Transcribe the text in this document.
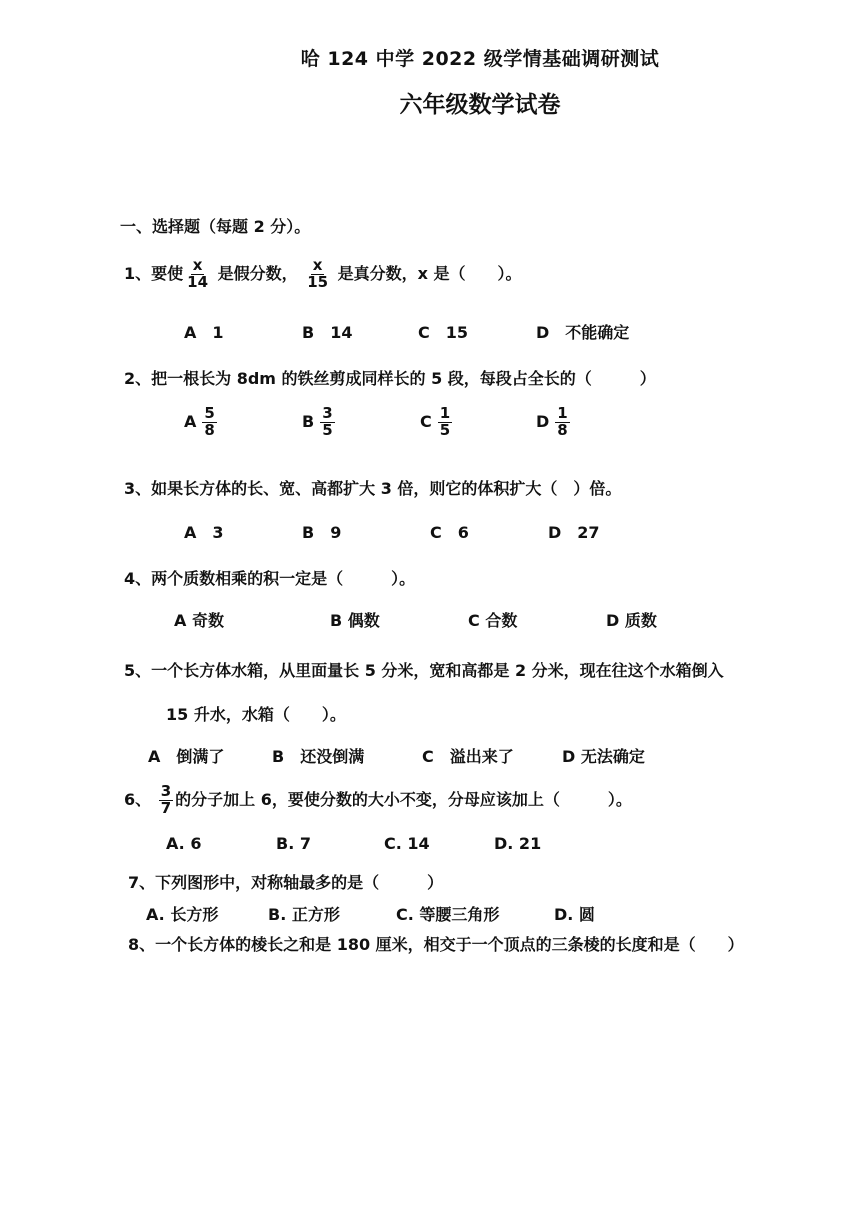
哈 124 中学 2022 级学情基础调研测试
六年级数学试卷
一、选择题（每题 2 分）。
1、要使 $\frac{x}{14}$ 是假分数， $\frac{x}{15}$ 是真分数，x 是（　　）。
A　1	B　14	C　15	D　不能确定
2、把一根长为 8dm 的铁丝剪成同样长的 5 段，每段占全长的（　　　）
A $\frac{5}{8}$	B $\frac{3}{5}$	C $\frac{1}{5}$	D $\frac{1}{8}$
3、如果长方体的长、宽、高都扩大 3 倍，则它的体积扩大（　）倍。
A　3	B　9	C　6	D　27
4、两个质数相乘的积一定是（　　　）。
A 奇数	B 偶数	C 合数	D 质数
5、一个长方体水箱，从里面量长 5 分米，宽和高都是 2 分米，现在往这个水箱倒入
15 升水，水箱（　　）。
A　倒满了	B　还没倒满	C　溢出来了	D 无法确定
6、 $\frac{3}{7}$ 的分子加上 6，要使分数的大小不变，分母应该加上（　　　）。
A. 6	B. 7	C. 14	D. 21
7、下列图形中，对称轴最多的是（　　　）
A. 长方形	B. 正方形	C. 等腰三角形	D. 圆
8、一个长方体的棱长之和是 180 厘米，相交于一个顶点的三条棱的长度和是（　　）
